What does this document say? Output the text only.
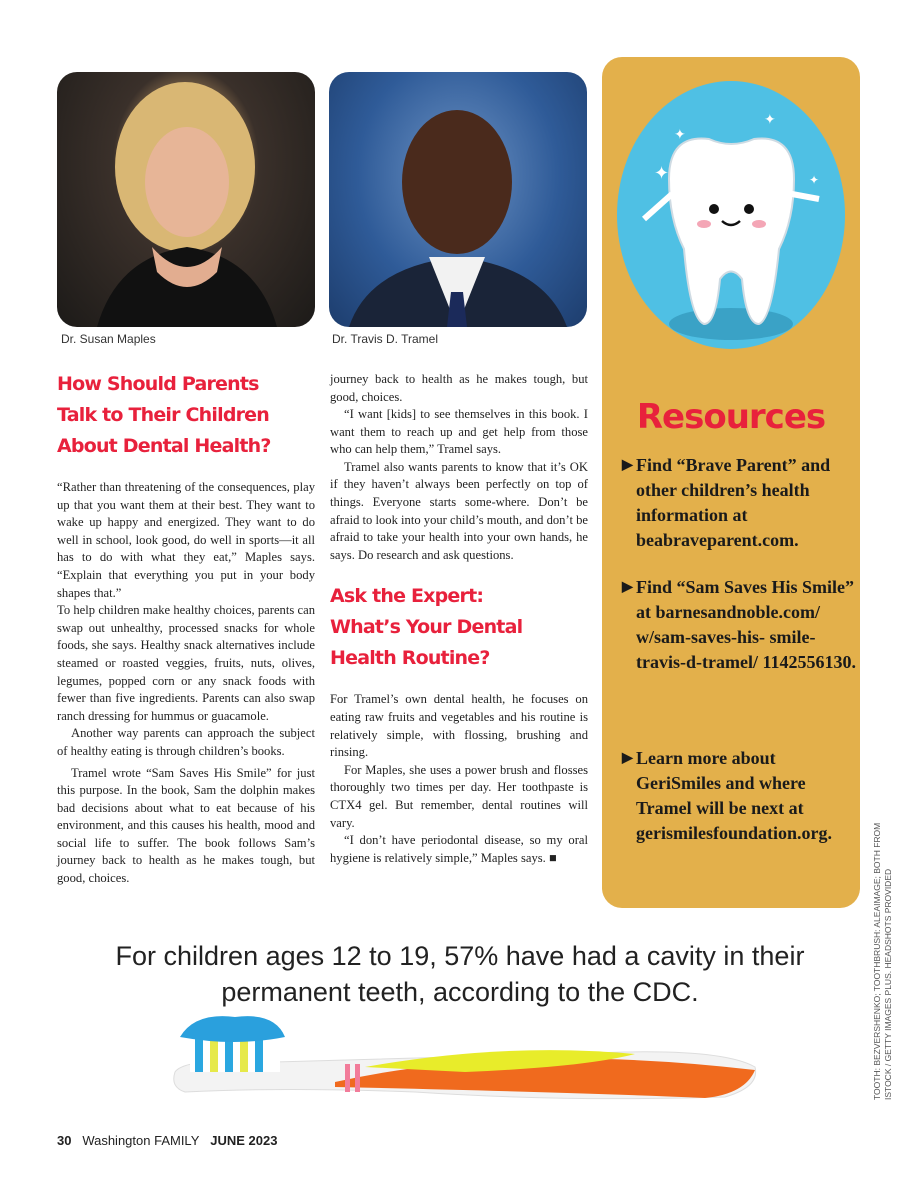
Dr. Susan Maples	Dr. Travis D. Tramel
How Should Parents
Talk to Their Children
About Dental Health?

“Rather than threatening of the consequences, play up that you want them at their best. They want to wake up happy and energized. They want to do well in school, look good, do well in sports—it all has to do with what they eat,” Maples says. “Explain that everything you put in your body shapes that.”

To help children make healthy choices, parents can swap out unhealthy, processed snacks for whole foods, she says. Healthy snack alternatives include steamed or roasted veggies, fruits, nuts, olives, legumes, popped corn or any snack foods with fewer than five ingredients. Parents can also swap ranch dressing for hummus or guacamole.

Another way parents can approach the subject of healthy eating is through children’s books.

Tramel wrote “Sam Saves His Smile” for just this purpose. In the book, Sam the dolphin makes bad decisions about what to eat because of his environment, and this causes his health, mood and social life to suffer. The book follows Sam’s journey back to health as he makes tough, but good, choices.

journey back to health as he makes tough, but good, choices.

“I want [kids] to see themselves in this book. I want them to reach up and get help from those who can help them,” Tramel says.

Tramel also wants parents to know that it’s OK if they haven’t always been perfectly on top of things. Everyone starts some-where. Don’t be afraid to look into your child’s mouth, and don’t be afraid to take your health into your own hands, he says. Do research and ask questions.

Ask the Expert:
What’s Your Dental
Health Routine?

For Tramel’s own dental health, he focuses on eating raw fruits and vegetables and his routine is relatively simple, with flossing, brushing and rinsing.

For Maples, she uses a power brush and flosses thoroughly two times per day. Her toothpaste is CTX4 gel. But remember, dental routines will vary.

“I don’t have periodontal disease, so my oral hygiene is relatively simple,” Maples says. ■

✦
✦
✦
✦
Resources
▶ Find “Brave Parent” and other children’s health information at beabraveparent.com.
▶ Find “Sam Saves His Smile” at barnesandnoble.com/ w/sam-saves-his- smile-travis-d-tramel/ 1142556130.
▶ Learn more about GeriSmiles and where Tramel will be next at gerismilesfoundation.org.	TOOTH: BEZVERSHENKO; TOOTHBRUSH: ALEAIMAGE; BOTH FROM ISTOCK / GETTY IMAGES PLUS. HEADSHOTS PROVIDED
For children ages 12 to 19, 57% have had a cavity in their permanent teeth, according to the CDC.
30 Washington FAMILY JUNE 2023
